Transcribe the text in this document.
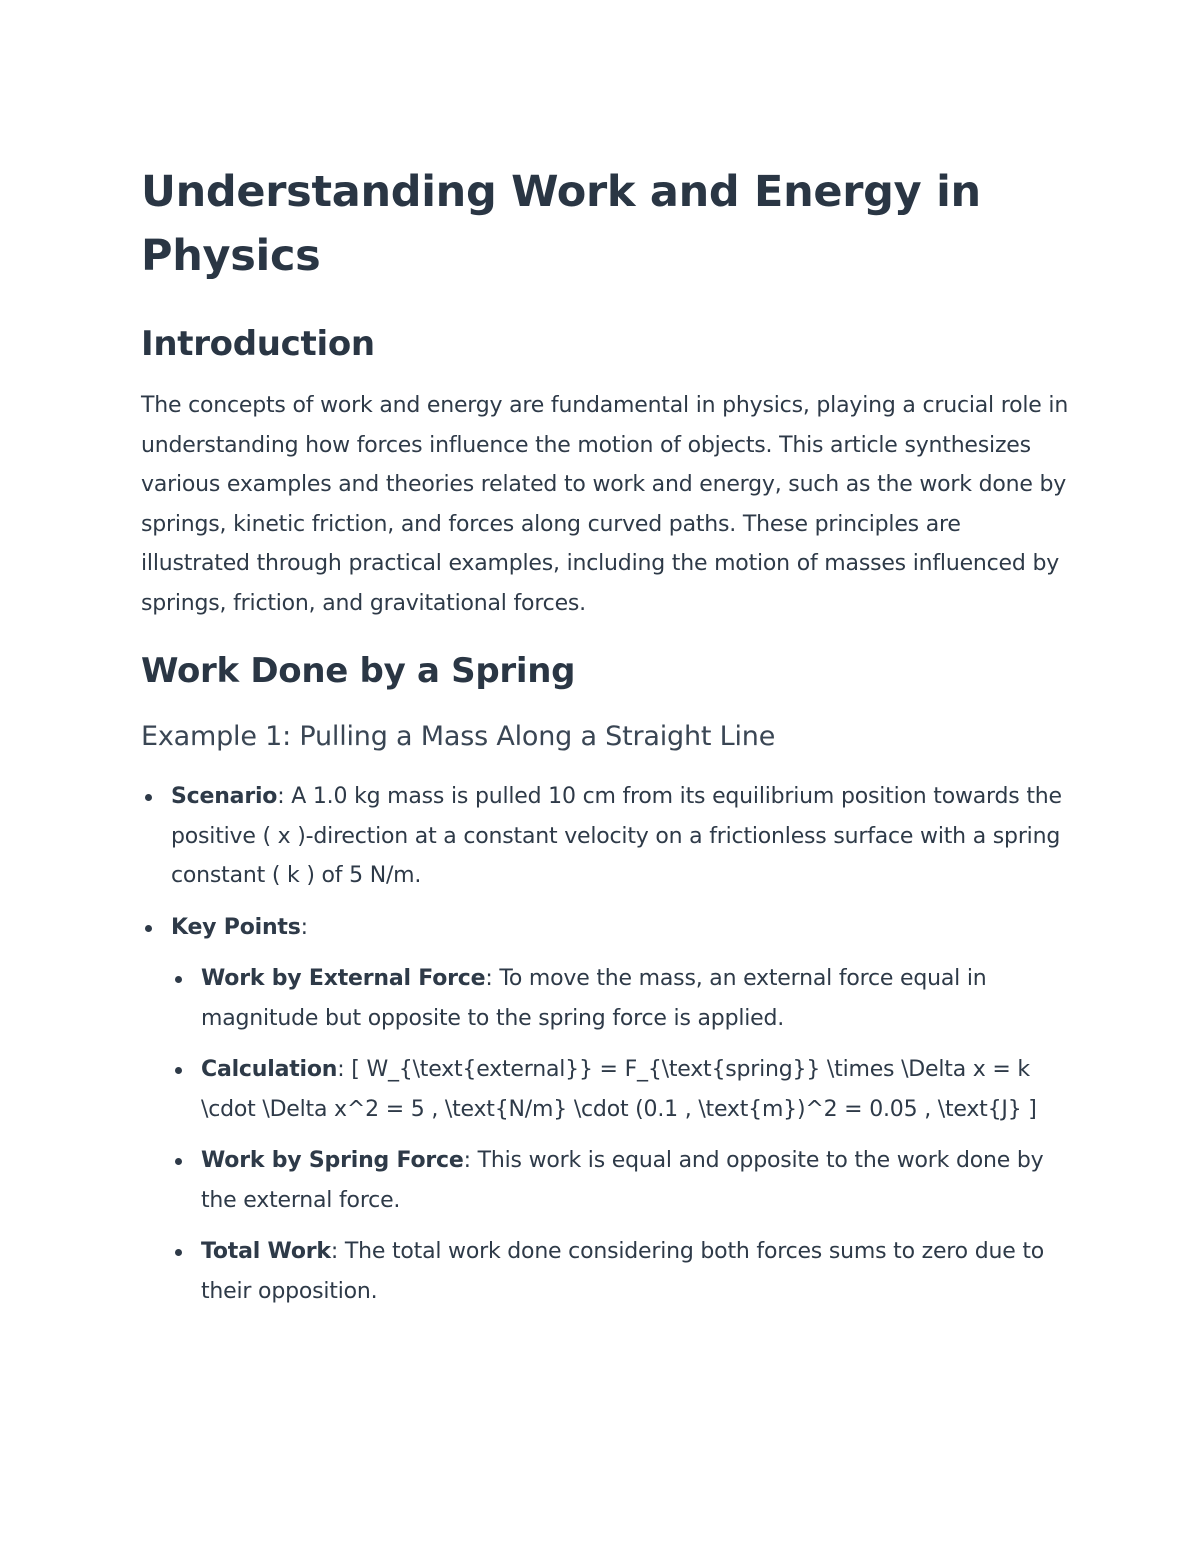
Understanding Work and Energy in Physics
Introduction

The concepts of work and energy are fundamental in physics, playing a crucial role in understanding how forces influence the motion of objects. This article synthesizes various examples and theories related to work and energy, such as the work done by springs, kinetic friction, and forces along curved paths. These principles are illustrated through practical examples, including the motion of masses influenced by springs, friction, and gravitational forces.

Work Done by a Spring
Example 1: Pulling a Mass Along a Straight Line
Scenario: A 1.0 kg mass is pulled 10 cm from its equilibrium position towards the positive ( x )-direction at a constant velocity on a frictionless surface with a spring constant ( k ) of 5 N/m.
Key Points:
Work by External Force: To move the mass, an external force equal in magnitude but opposite to the spring force is applied.
Calculation: [ W_{\text{external}} = F_{\text{spring}} \times \Delta x = k \cdot \Delta x^2 = 5 , \text{N/m} \cdot (0.1 , \text{m})^2 = 0.05 , \text{J} ]
Work by Spring Force: This work is equal and opposite to the work done by the external force.
Total Work: The total work done considering both forces sums to zero due to their opposition.
